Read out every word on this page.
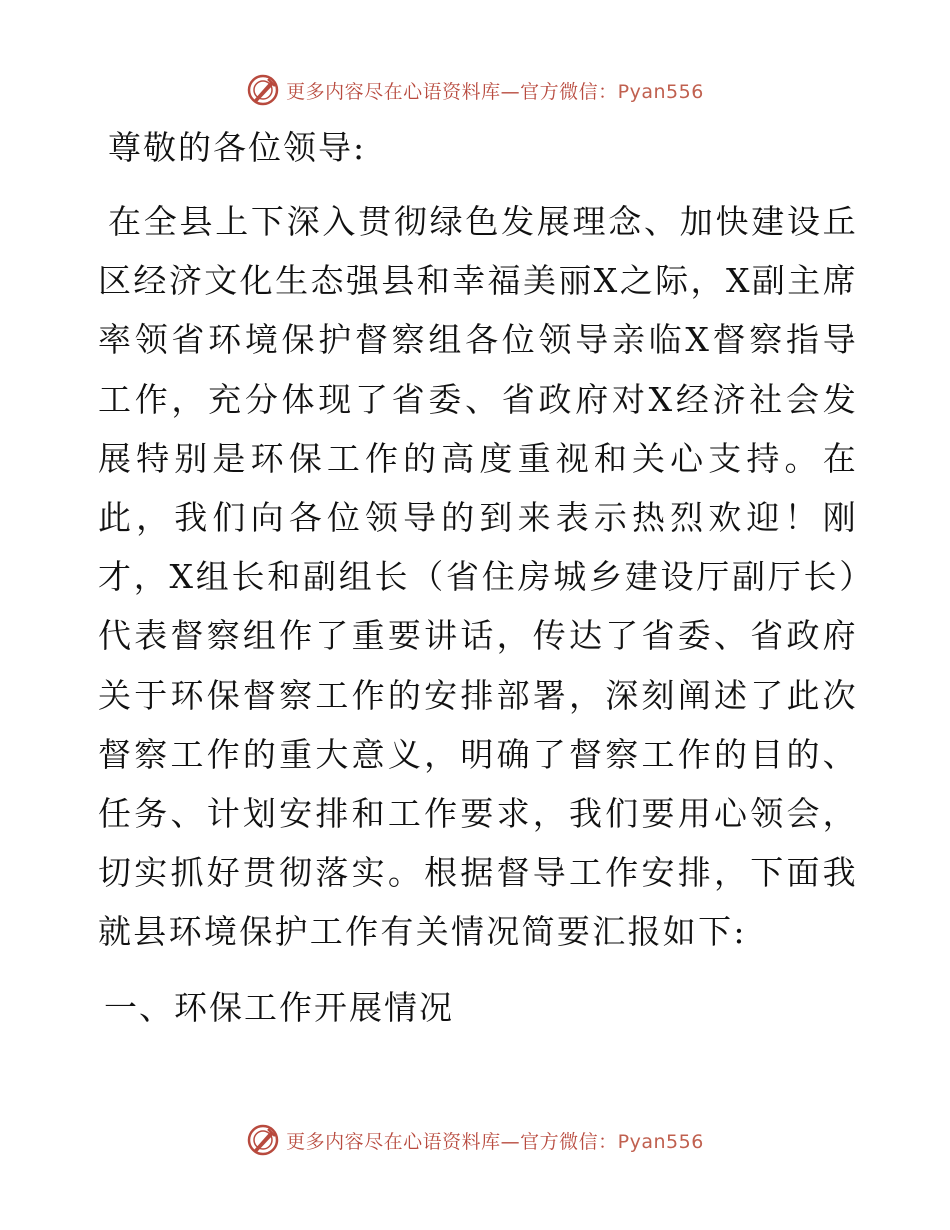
更多内容尽在心语资料库—官方微信：Pyan556

尊敬的各位领导:

在全县上下深入贯彻绿色发展理念、加快建设丘区经济文化生态强县和幸福美丽X之际，X副主席率领省环境保护督察组各位领导亲临X督察指导工作，充分体现了省委、省政府对X经济社会发展特别是环保工作的高度重视和关心支持。在此，我们向各位领导的到来表示热烈欢迎！刚才，X组长和副组长（省住房城乡建设厅副厅长）代表督察组作了重要讲话，传达了省委、省政府关于环保督察工作的安排部署，深刻阐述了此次督察工作的重大意义，明确了督察工作的目的、任务、计划安排和工作要求，我们要用心领会，切实抓好贯彻落实。根据督导工作安排，下面我就县环境保护工作有关情况简要汇报如下:

一、环保工作开展情况

更多内容尽在心语资料库—官方微信：Pyan556
